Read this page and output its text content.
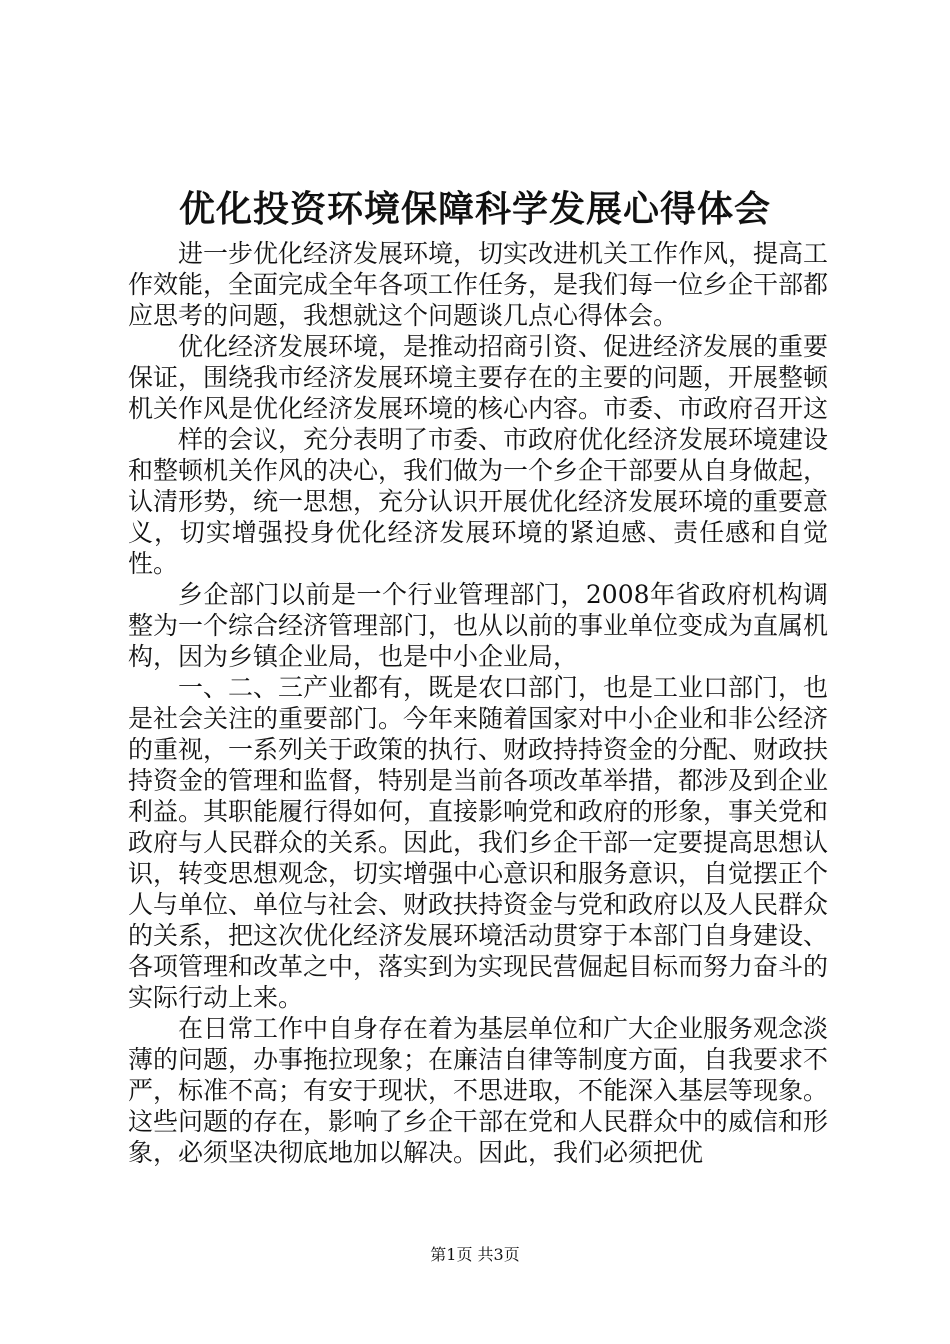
优化投资环境保障科学发展心得体会

进一步优化经济发展环境，切实改进机关工作作风，提高工作效能，全面完成全年各项工作任务，是我们每一位乡企干部都应思考的问题，我想就这个问题谈几点心得体会。

优化经济发展环境，是推动招商引资、促进经济发展的重要保证，围绕我市经济发展环境主要存在的主要的问题，开展整顿机关作风是优化经济发展环境的核心内容。市委、市政府召开这

样的会议，充分表明了市委、市政府优化经济发展环境建设和整顿机关作风的决心，我们做为一个乡企干部要从自身做起，认清形势，统一思想，充分认识开展优化经济发展环境的重要意义，切实增强投身优化经济发展环境的紧迫感、责任感和自觉性。

乡企部门以前是一个行业管理部门，2008年省政府机构调整为一个综合经济管理部门，也从以前的事业单位变成为直属机构，因为乡镇企业局，也是中小企业局，

一、二、三产业都有，既是农口部门，也是工业口部门，也是社会关注的重要部门。今年来随着国家对中小企业和非公经济的重视，一系列关于政策的执行、财政持持资金的分配、财政扶持资金的管理和监督，特别是当前各项改革举措，都涉及到企业利益。其职能履行得如何，直接影响党和政府的形象，事关党和政府与人民群众的关系。因此，我们乡企干部一定要提高思想认识，转变思想观念，切实增强中心意识和服务意识，自觉摆正个人与单位、单位与社会、财政扶持资金与党和政府以及人民群众的关系，把这次优化经济发展环境活动贯穿于本部门自身建设、各项管理和改革之中，落实到为实现民营倔起目标而努力奋斗的实际行动上来。

在日常工作中自身存在着为基层单位和广大企业服务观念淡薄的问题，办事拖拉现象；在廉洁自律等制度方面，自我要求不严，标准不高；有安于现状，不思进取，不能深入基层等现象。这些问题的存在，影响了乡企干部在党和人民群众中的威信和形象，必须坚决彻底地加以解决。因此，我们必须把优

第1页 共3页
